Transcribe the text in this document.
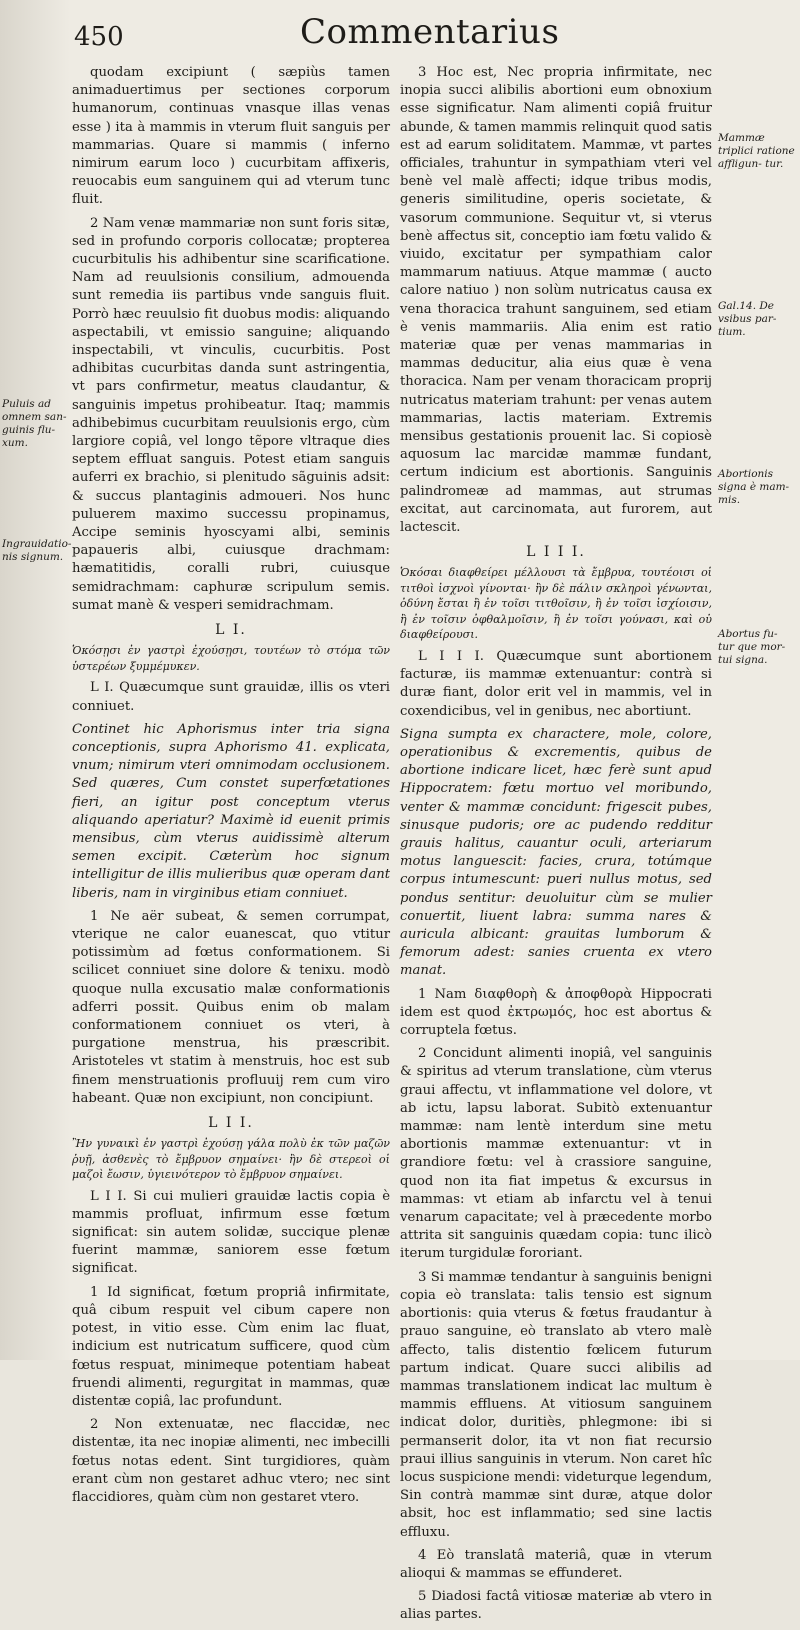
450	Commentarius

quodam excipiunt ( sæpiùs tamen animaduertimus per sectiones corporum humanorum, continuas vnasque illas venas esse ) ita à mammis in vterum fluit sanguis per mammarias. Quare si mammis ( inferno nimirum earum loco ) cucurbitam affixeris, reuocabis eum sanguinem qui ad vterum tunc fluit.

2 Nam venæ mammariæ non sunt foris sitæ, sed in profundo corporis collocatæ; propterea cucurbitulis his adhibentur sine scarificatione. Nam ad reuulsionis consilium, admouenda sunt remedia iis partibus vnde sanguis fluit. Porrò hæc reuulsio fit duobus modis: aliquando aspectabili, vt emissio sanguine; aliquando inspectabili, vt vinculis, cucurbitis. Post adhibitas cucurbitas danda sunt astringentia, vt pars confirmetur, meatus claudantur, & sanguinis impetus prohibeatur. Itaq; mammis adhibebimus cucurbitam reuulsionis ergo, cùm largiore copiâ, vel longo tẽpore vltraque dies septem effluat sanguis. Potest etiam sanguis auferri ex brachio, si plenitudo sãguinis adsit: & succus plantaginis admoueri. Nos hunc puluerem maximo successu propinamus, Accipe seminis hyoscyami albi, seminis papaueris albi, cuiusque drachmam: hæmatitidis, coralli rubri, cuiusque semidrachmam: caphuræ scripulum semis. sumat manè & vesperi semidrachmam.

L I.

Ὁκόσῃσι ἐν γαστρὶ ἐχούσῃσι, τουτέων τὸ στόμα τῶν ὑστερέων ξυμμέμυκεν.

L I. Quæcumque sunt grauidæ, illis os vteri conniuet.

Continet hic Aphorismus inter tria signa conceptionis, supra Aphorismo 41. explicata, vnum; nimirum vteri omnimodam occlusionem. Sed quæres, Cum constet superfœtationes fieri, an igitur post conceptum vterus aliquando aperiatur? Maximè id euenit primis mensibus, cùm vterus auidissimè alterum semen excipit. Cæterùm hoc signum intelligitur de illis mulieribus quæ operam dant liberis, nam in virginibus etiam conniuet.

1 Ne aër subeat, & semen corrumpat, vterique ne calor euanescat, quo vtitur potissimùm ad fœtus conformationem. Si scilicet conniuet sine dolore & tenixu. modò quoque nulla excusatio malæ conformationis adferri possit. Quibus enim ob malam conformationem conniuet os vteri, à purgatione menstrua, his præscribit. Aristoteles vt statim à menstruis, hoc est sub finem menstruationis profluuij rem cum viro habeant. Quæ non excipiunt, non concipiunt.

L I I.

Ἢν γυναικὶ ἐν γαστρὶ ἐχούσῃ γάλα πολὺ ἐκ τῶν μαζῶν ῥυῇ, ἀσθενὲς τὸ ἔμβρυον σημαίνει· ἢν δὲ στερεοὶ οἱ μαζοὶ ἔωσιν, ὑγιεινότερον τὸ ἔμβρυον σημαίνει.

L I I. Si cui mulieri grauidæ lactis copia è mammis profluat, infirmum esse fœtum significat: sin autem solidæ, succique plenæ fuerint mammæ, saniorem esse fœtum significat.

1 Id significat, fœtum propriâ infirmitate, quâ cibum respuit vel cibum capere non potest, in vitio esse. Cùm enim lac fluat, indicium est nutricatum sufficere, quod cùm fœtus respuat, minimeque potentiam habeat fruendi alimenti, regurgitat in mammas, quæ distentæ copiâ, lac profundunt.

2 Non extenuatæ, nec flaccidæ, nec distentæ, ita nec inopiæ alimenti, nec imbecilli fœtus notas edent. Sint turgidiores, quàm erant cùm non gestaret adhuc vtero; nec sint flaccidiores, quàm cùm non gestaret vtero.

3 Hoc est, Nec propria infirmitate, nec inopia succi alibilis abortioni eum obnoxium esse significatur. Nam alimenti copiâ fruitur abunde, & tamen mammis relinquit quod satis est ad earum soliditatem. Mammæ, vt partes officiales, trahuntur in sympathiam vteri vel benè vel malè affecti; idque tribus modis, generis similitudine, operis societate, & vasorum communione. Sequitur vt, si vterus benè affectus sit, conceptio iam fœtu valido & viuido, excitatur per sympathiam calor mammarum natiuus. Atque mammæ ( aucto calore natiuo ) non solùm nutricatus causa ex vena thoracica trahunt sanguinem, sed etiam è venis mammariis. Alia enim est ratio materiæ quæ per venas mammarias in mammas deducitur, alia eius quæ è vena thoracica. Nam per venam thoracicam proprij nutricatus materiam trahunt: per venas autem mammarias, lactis materiam. Extremis mensibus gestationis prouenit lac. Si copiosè aquosum lac marcidæ mammæ fundant, certum indicium est abortionis. Sanguinis palindromeæ ad mammas, aut strumas excitat, aut carcinomata, aut furorem, aut lactescit.

L I I I.

Ὁκόσαι διαφθείρει μέλλουσι τὰ ἔμβρυα, τουτέοισι οἱ τιτθοὶ ἰσχνοὶ γίνονται· ἢν δὲ πάλιν σκληροὶ γένωνται, ὀδύνη ἔσται ἢ ἐν τοῖσι τιτθοῖσιν, ἢ ἐν τοῖσι ἰσχίοισιν, ἢ ἐν τοῖσιν ὀφθαλμοῖσιν, ἢ ἐν τοῖσι γούνασι, καὶ οὐ διαφθείρουσι.

L I I I. Quæcumque sunt abortionem facturæ, iis mammæ extenuantur: contrà si duræ fiant, dolor erit vel in mammis, vel in coxendicibus, vel in genibus, nec abortiunt.

Signa sumpta ex charactere, mole, colore, operationibus & excrementis, quibus de abortione indicare licet, hæc ferè sunt apud Hippocratem: fœtu mortuo vel moribundo, venter & mammæ concidunt: frigescit pubes, sinusque pudoris; ore ac pudendo redditur grauis halitus, cauantur oculi, arteriarum motus languescit: facies, crura, totúmque corpus intumescunt: pueri nullus motus, sed pondus sentitur: deuoluitur cùm se mulier conuertit, liuent labra: summa nares & auricula albicant: grauitas lumborum & femorum adest: sanies cruenta ex vtero manat.

1 Nam διαφθορὴ & ἀποφθορὰ Hippocrati idem est quod ἐκτρωμός, hoc est abortus & corruptela fœtus.

2 Concidunt alimenti inopiâ, vel sanguinis & spiritus ad vterum translatione, cùm vterus graui affectu, vt inflammatione vel dolore, vt ab ictu, lapsu laborat. Subitò extenuantur mammæ: nam lentè interdum sine metu abortionis mammæ extenuantur: vt in grandiore fœtu: vel à crassiore sanguine, quod non ita fiat impetus & excursus in mammas: vt etiam ab infarctu vel à tenui venarum capacitate; vel à præcedente morbo attrita sit sanguinis quædam copia: tunc ilicò iterum turgidulæ fororiant.

3 Si mammæ tendantur à sanguinis benigni copia eò translata: talis tensio est signum abortionis: quia vterus & fœtus fraudantur à prauo sanguine, eò translato ab vtero malè affecto, talis distentio fœlicem futurum partum indicat. Quare succi alibilis ad mammas translationem indicat lac multum è mammis effluens. At vitiosum sanguinem indicat dolor, duritiès, phlegmone: ibi si permanserit dolor, ita vt non fiat recursio praui illius sanguinis in vterum. Non caret hîc locus suspicione mendi: videturque legendum, Sin contrà mammæ sint duræ, atque dolor absit, hoc est inflammatio; sed sine lactis effluxu.

4 Eò translatâ materiâ, quæ in vterum alioqui & mammas se effunderet.

5 Diadosi factâ vitiosæ materiæ ab vtero in alias partes.

Mammæ triplici ratione affligun- tur.
Gal.14. De vsibus par- tium.
Abortionis signa è mam- mis.
Abortus fu- tur que mor- tui signa.
Puluis ad omnem san- guinis flu- xum.
Ingrauidatio- nis signum.
